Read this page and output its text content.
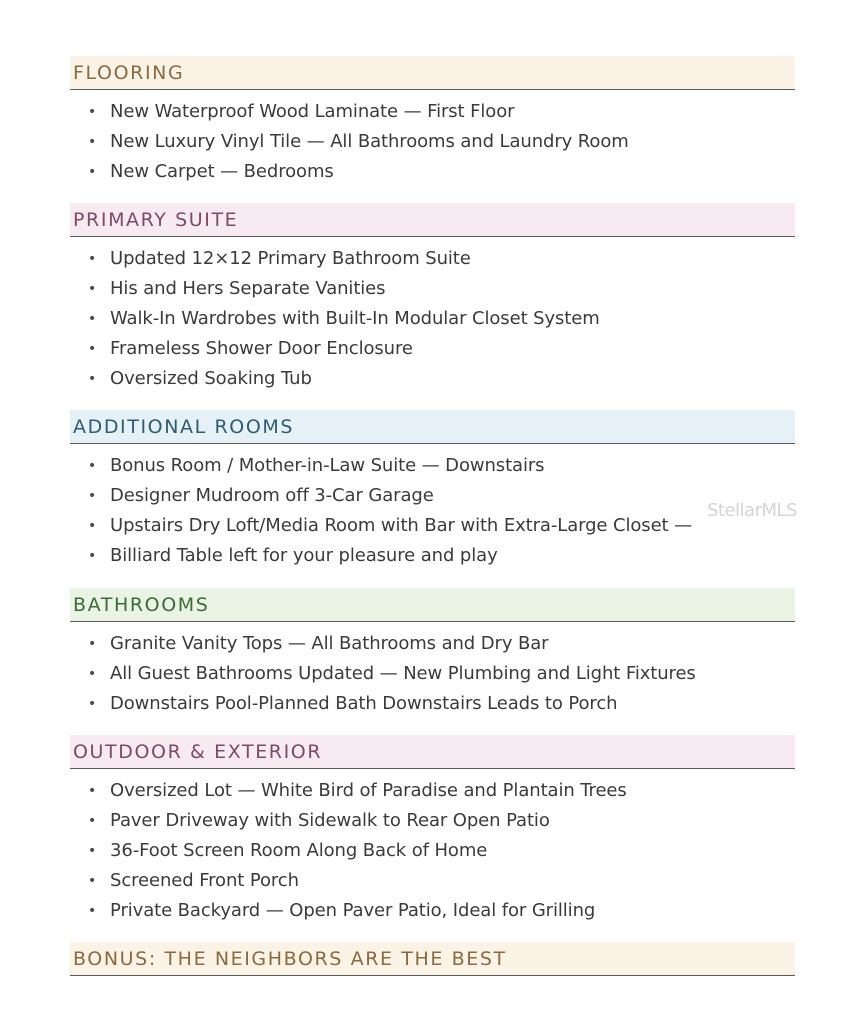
FLOORING
• New Waterproof Wood Laminate — First Floor
• New Luxury Vinyl Tile — All Bathrooms and Laundry Room
• New Carpet — Bedrooms
PRIMARY SUITE
• Updated 12×12 Primary Bathroom Suite
• His and Hers Separate Vanities
• Walk-In Wardrobes with Built-In Modular Closet System
• Frameless Shower Door Enclosure
• Oversized Soaking Tub
ADDITIONAL ROOMS
• Bonus Room / Mother-in-Law Suite — Downstairs
• Designer Mudroom off 3-Car Garage
• Upstairs Dry Loft/Media Room with Bar with Extra-Large Closet —
• Billiard Table left for your pleasure and play
BATHROOMS
• Granite Vanity Tops — All Bathrooms and Dry Bar
• All Guest Bathrooms Updated — New Plumbing and Light Fixtures
• Downstairs Pool-Planned Bath Downstairs Leads to Porch
OUTDOOR & EXTERIOR
• Oversized Lot — White Bird of Paradise and Plantain Trees
• Paver Driveway with Sidewalk to Rear Open Patio
• 36-Foot Screen Room Along Back of Home
• Screened Front Porch
• Private Backyard — Open Paver Patio, Ideal for Grilling
BONUS: THE NEIGHBORS ARE THE BEST
StellarMLS
